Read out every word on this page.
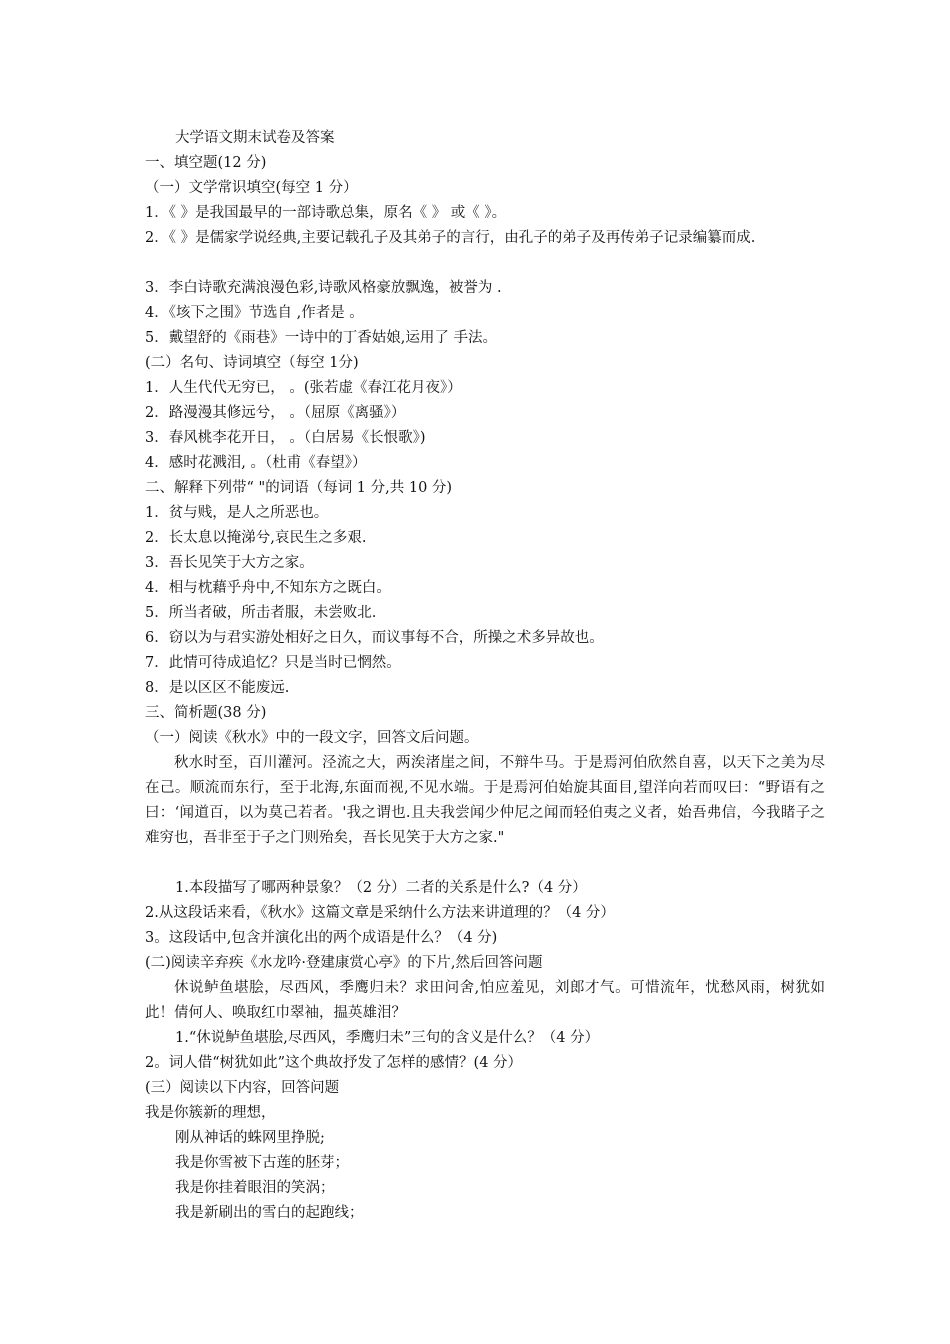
大学语文期末试卷及答案
一、填空题(12 分)
（一）文学常识填空(每空 1 分）
1．《 》是我国最早的一部诗歌总集，原名《 》 或《 》。
2．《 》是儒家学说经典,主要记载孔子及其弟子的言行，由孔子的弟子及再传弟子记录编纂而成.
3．李白诗歌充满浪漫色彩,诗歌风格豪放飘逸，被誉为 .
4．《垓下之围》节选自 ,作者是 。
5．戴望舒的《雨巷》一诗中的丁香姑娘,运用了 手法。
(二）名句、诗词填空（每空 1分)
1．人生代代无穷已， 。(张若虚《春江花月夜》）
2．路漫漫其修远兮， 。（屈原《离骚》）
3．春风桃李花开日， 。（白居易《长恨歌》)
4．感时花溅泪, 。（杜甫《春望》）
二、解释下列带“ "的词语（每词 1 分,共 10 分)
1．贫与贱，是人之所恶也。
2．长太息以掩涕兮,哀民生之多艰.
3．吾长见笑于大方之家。
4．相与枕藉乎舟中,不知东方之既白。
5．所当者破，所击者服，未尝败北.
6．窃以为与君实游处相好之日久，而议事每不合，所操之术多异故也。
7．此情可待成追忆？只是当时已惘然。
8．是以区区不能废远.
三、简析题(38 分)
（一）阅读《秋水》中的一段文字，回答文后问题。
秋水时至，百川灌河。泾流之大，两涘渚崖之间，不辩牛马。于是焉河伯欣然自喜，以天下之美为尽在己。顺流而东行，至于北海,东面而视,不见水端。于是焉河伯始旋其面目,望洋向若而叹曰：“野语有之曰：‘闻道百，以为莫己若者。'我之谓也.且夫我尝闻少仲尼之闻而轻伯夷之义者，始吾弗信，今我睹子之难穷也，吾非至于子之门则殆矣，吾长见笑于大方之家."
1.本段描写了哪两种景象？（2 分）二者的关系是什么?（4 分）
2.从这段话来看，《秋水》这篇文章是采纳什么方法来讲道理的？（4 分）
3。这段话中,包含并演化出的两个成语是什么？（4 分)
(二)阅读辛弃疾《水龙吟·登建康赏心亭》的下片,然后回答问题
休说鲈鱼堪脍，尽西风，季鹰归未？求田问舍,怕应羞见，刘郎才气。可惜流年，忧愁风雨，树犹如此！倩何人、唤取红巾翠袖，揾英雄泪？
1.“休说鲈鱼堪脍,尽西风，季鹰归未”三句的含义是什么？（4 分）
2。词人借“树犹如此”这个典故抒发了怎样的感情？(4 分）
(三）阅读以下内容，回答问题
我是你簇新的理想，
刚从神话的蛛网里挣脱;
我是你雪被下古莲的胚芽；
我是你挂着眼泪的笑涡；
我是新刷出的雪白的起跑线；
